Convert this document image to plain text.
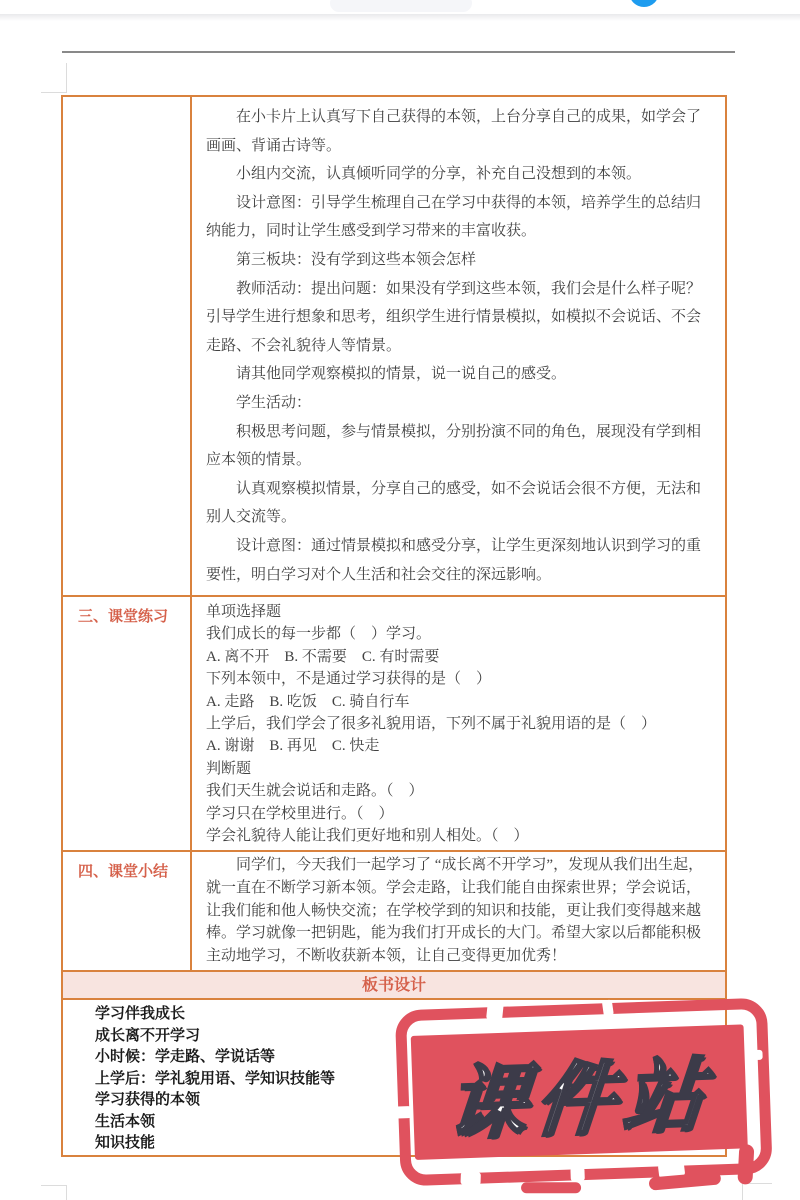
在小卡片上认真写下自己获得的本领，上台分享自己的成果，如学会了画画、背诵古诗等。

小组内交流，认真倾听同学的分享，补充自己没想到的本领。

设计意图：引导学生梳理自己在学习中获得的本领，培养学生的总结归纳能力，同时让学生感受到学习带来的丰富收获。

第三板块：没有学到这些本领会怎样

教师活动：提出问题：如果没有学到这些本领，我们会是什么样子呢？引导学生进行想象和思考，组织学生进行情景模拟，如模拟不会说话、不会走路、不会礼貌待人等情景。

请其他同学观察模拟的情景，说一说自己的感受。

学生活动：

积极思考问题，参与情景模拟，分别扮演不同的角色，展现没有学到相应本领的情景。

认真观察模拟情景，分享自己的感受，如不会说话会很不方便，无法和别人交流等。

设计意图：通过情景模拟和感受分享，让学生更深刻地认识到学习的重要性，明白学习对个人生活和社会交往的深远影响。

三、课堂练习	单项选择题

我们成长的每一步都（　）学习。

A. 离不开　B. 不需要　C. 有时需要

下列本领中，不是通过学习获得的是（　）

A. 走路　B. 吃饭　C. 骑自行车

上学后，我们学会了很多礼貌用语，下列不属于礼貌用语的是（　）

A. 谢谢　B. 再见　C. 快走

判断题

我们天生就会说话和走路。（　）

学习只在学校里进行。（　）

学会礼貌待人能让我们更好地和别人相处。（　）

四、课堂小结	同学们，今天我们一起学习了 “成长离不开学习”，发现从我们出生起，就一直在不断学习新本领。学会走路，让我们能自由探索世界；学会说话，让我们能和他人畅快交流；在学校学到的知识和技能，更让我们变得越来越棒。学习就像一把钥匙，能为我们打开成长的大门。希望大家以后都能积极主动地学习，不断收获新本领，让自己变得更加优秀！

板书设计
学习伴我成长
成长离不开学习
小时候：学走路、学说话等
上学后：学礼貌用语、学知识技能等
学习获得的本领
生活本领
知识技能	课件站
